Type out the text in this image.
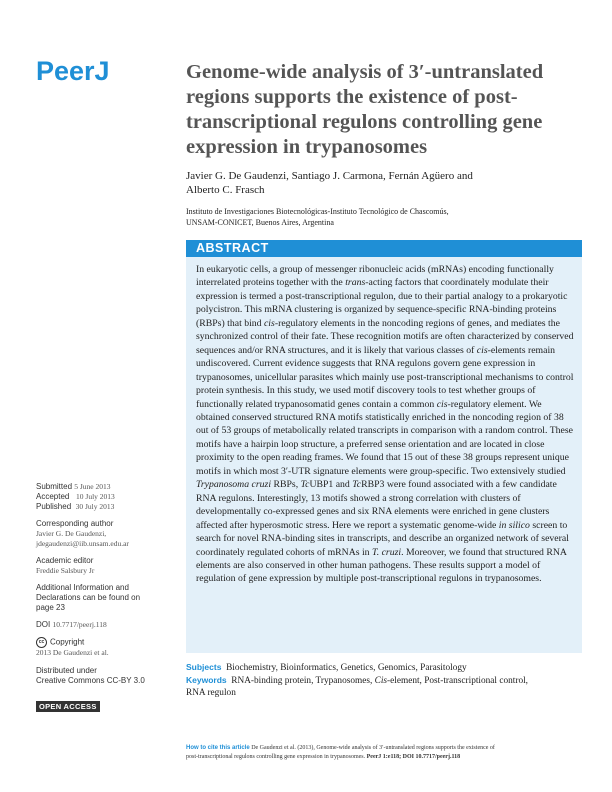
PeerJ	Genome-wide analysis of 3′-untranslated regions supports the existence of post-transcriptional regulons controlling gene expression in trypanosomes
Javier G. De Gaudenzi, Santiago J. Carmona, Fernán Agüero and
Alberto C. Frasch
Instituto de Investigaciones Biotecnológicas-Instituto Tecnológico de Chascomús,
UNSAM-CONICET, Buenos Aires, Argentina
ABSTRACT
In eukaryotic cells, a group of messenger ribonucleic acids (mRNAs) encoding functionally interrelated proteins together with the trans-acting factors that coordinately modulate their expression is termed a post-transcriptional regulon, due to their partial analogy to a prokaryotic polycistron. This mRNA clustering is organized by sequence-specific RNA-binding proteins (RBPs) that bind cis-regulatory elements in the noncoding regions of genes, and mediates the synchronized control of their fate. These recognition motifs are often characterized by conserved sequences and/or RNA structures, and it is likely that various classes of cis-elements remain undiscovered. Current evidence suggests that RNA regulons govern gene expression in trypanosomes, unicellular parasites which mainly use post-transcriptional mechanisms to control protein synthesis. In this study, we used motif discovery tools to test whether groups of functionally related trypanosomatid genes contain a common cis-regulatory element. We obtained conserved structured RNA motifs statistically enriched in the noncoding region of 38 out of 53 groups of metabolically related transcripts in comparison with a random control. These motifs have a hairpin loop structure, a preferred sense orientation and are located in close proximity to the open reading frames. We found that 15 out of these 38 groups represent unique motifs in which most 3′-UTR signature elements were group-specific. Two extensively studied Trypanosoma cruzi RBPs, TcUBP1 and TcRBP3 were found associated with a few candidate RNA regulons. Interestingly, 13 motifs showed a strong correlation with clusters of developmentally co-expressed genes and six RNA elements were enriched in gene clusters affected after hyperosmotic stress. Here we report a systematic genome-wide in silico screen to search for novel RNA-binding sites in transcripts, and describe an organized network of several coordinately regulated cohorts of mRNAs in T. cruzi. Moreover, we found that structured RNA elements are also conserved in other human pathogens. These results support a model of regulation of gene expression by multiple post-transcriptional regulons in trypanosomes.
Submitted 5 June 2013
Accepted 10 July 2013
Published 30 July 2013
Corresponding author
Javier G. De Gaudenzi,
jdegaudenzi@iib.unsam.edu.ar
Academic editor
Freddie Salsbury Jr
Additional Information and
Declarations can be found on
page 23
DOI 10.7717/peerj.118
cc Copyright
2013 De Gaudenzi et al.
Distributed under
Creative Commons CC-BY 3.0
OPEN ACCESS
Subjects Biochemistry, Bioinformatics, Genetics, Genomics, Parasitology
Keywords RNA-binding protein, Trypanosomes, Cis-element, Post-transcriptional control,
RNA regulon
How to cite this article De Gaudenzi et al. (2013), Genome-wide analysis of 3′-untranslated regions supports the existence of
post-transcriptional regulons controlling gene expression in trypanosomes. PeerJ 1:e118; DOI 10.7717/peerj.118
